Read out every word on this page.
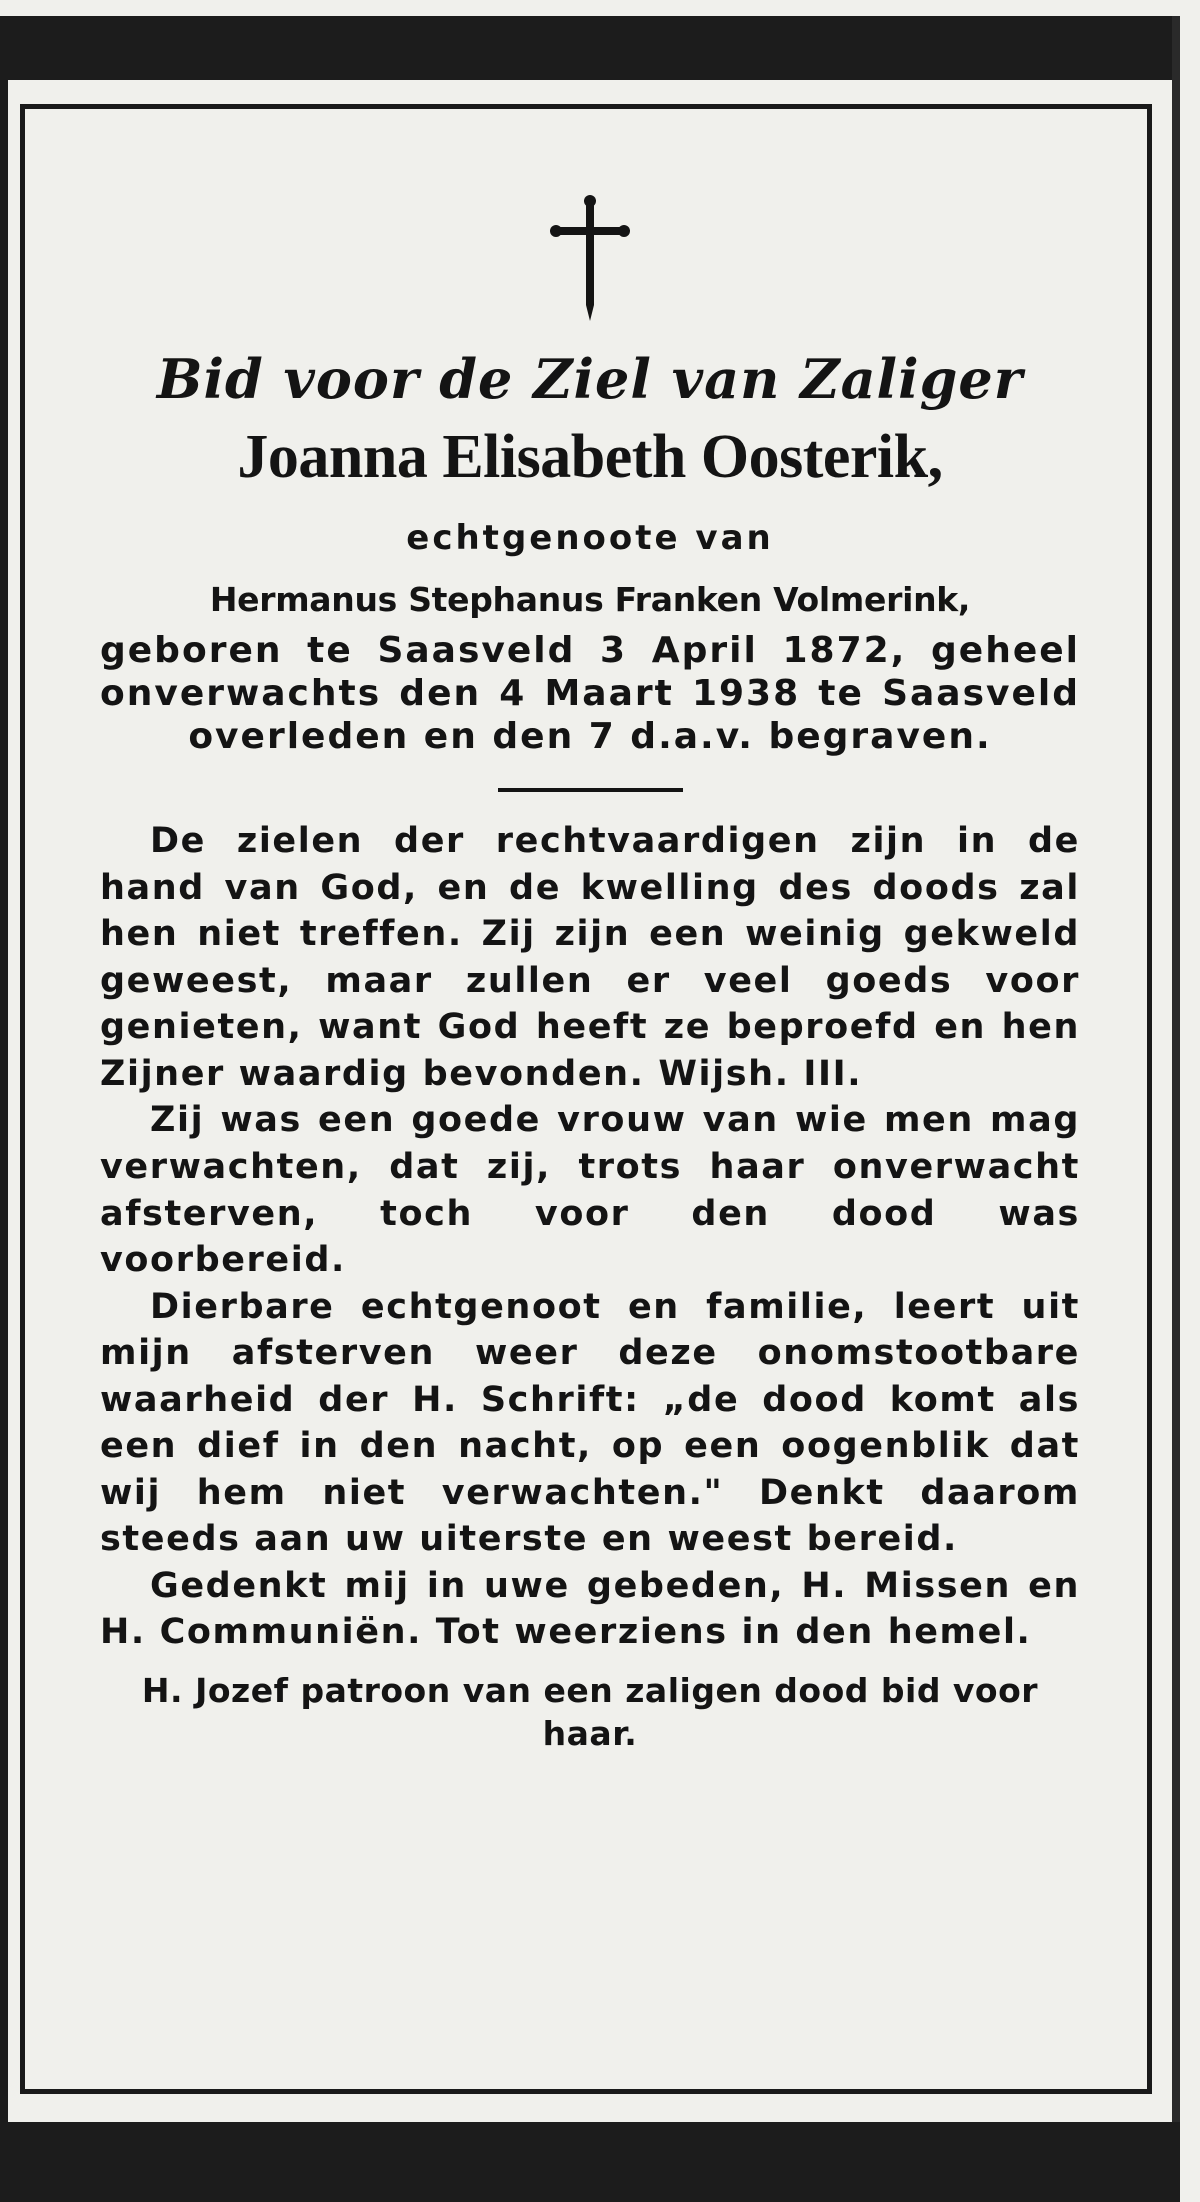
Bid voor de Ziel van Zaliger
Joanna Elisabeth Oosterik,
echtgenoote van
Hermanus Stephanus Franken Volmerink,
geboren te Saasveld 3 April 1872, geheel onverwachts den 4 Maart 1938 te Saasveld overleden en den 7 d.a.v. begraven.

De zielen der rechtvaardigen zijn in de hand van God, en de kwelling des doods zal hen niet treffen. Zij zijn een weinig gekweld geweest, maar zullen er veel goeds voor genieten, want God heeft ze beproefd en hen Zijner waardig bevonden. Wijsh. III.

Zij was een goede vrouw van wie men mag verwachten, dat zij, trots haar onverwacht afsterven, toch voor den dood was voorbereid.

Dierbare echtgenoot en familie, leert uit mijn afsterven weer deze onomstootbare waarheid der H. Schrift: „de dood komt als een dief in den nacht, op een oogenblik dat wij hem niet verwachten." Denkt daarom steeds aan uw uiterste en weest bereid.

Gedenkt mij in uwe gebeden, H. Missen en H. Communiën. Tot weerziens in den hemel.

H. Jozef patroon van een zaligen dood bid voor haar.
